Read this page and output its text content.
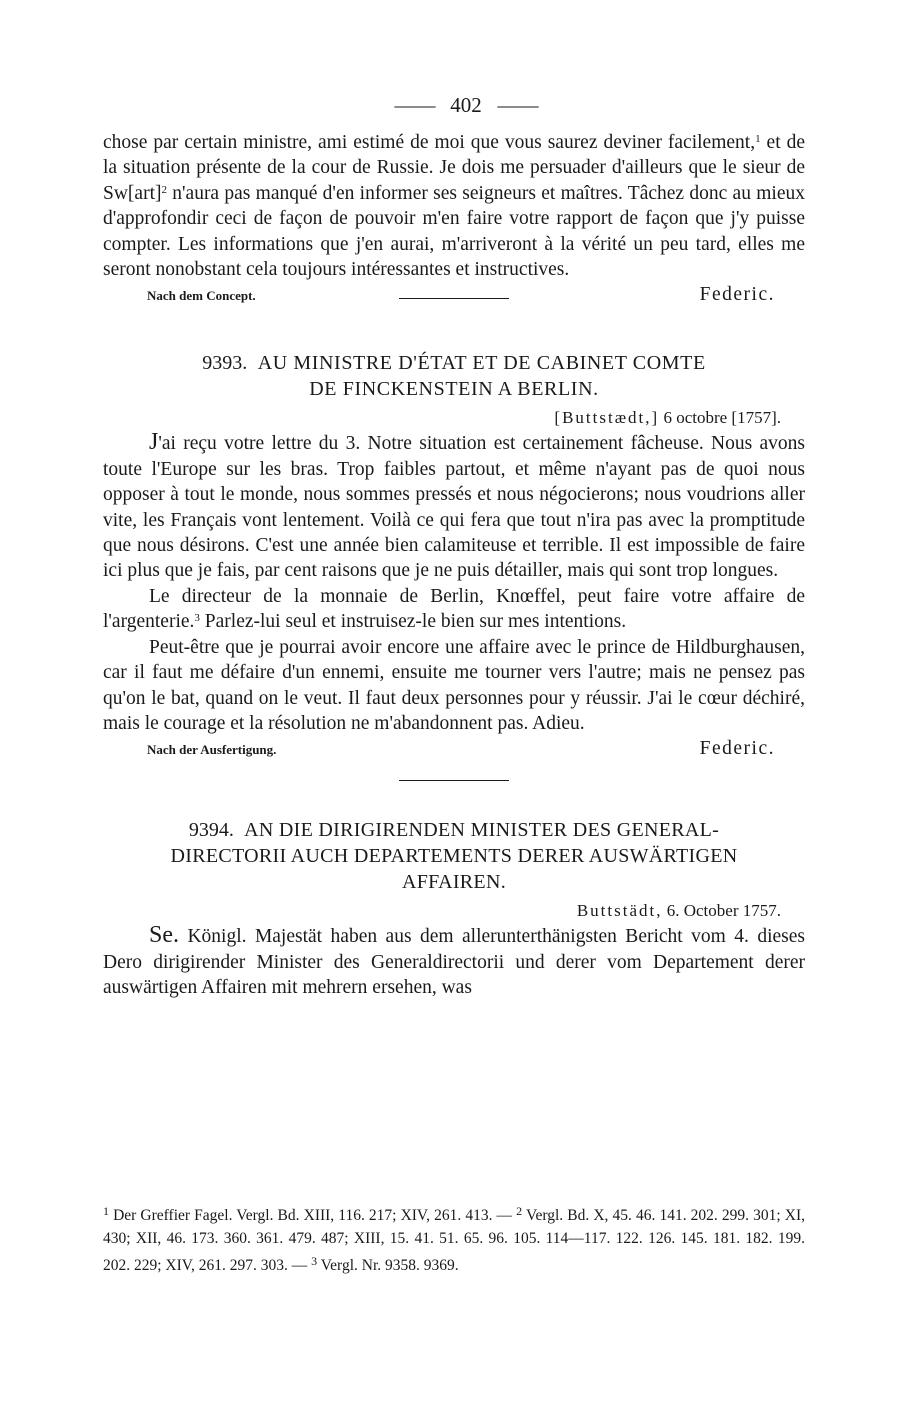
—— 402 ——

chose par certain ministre, ami estimé de moi que vous saurez deviner facilement,$^1$ et de la situation présente de la cour de Russie. Je dois me persuader d'ailleurs que le sieur de Sw[art]$^2$ n'aura pas manqué d'en informer ses seigneurs et maîtres. Tâchez donc au mieux d'approfondir ceci de façon de pouvoir m'en faire votre rapport de façon que j'y puisse compter. Les informations que j'en aurai, m'arriveront à la vérité un peu tard, elles me seront nonobstant cela toujours intéressantes et instructives.

Nach dem Concept.	Federic.
9393. AU MINISTRE D'ÉTAT ET DE CABINET COMTE
DE FINCKENSTEIN A BERLIN.
[Buttstædt,] 6 octobre [1757].

J'ai reçu votre lettre du 3. Notre situation est certainement fâcheuse. Nous avons toute l'Europe sur les bras. Trop faibles partout, et même n'ayant pas de quoi nous opposer à tout le monde, nous sommes pressés et nous négocierons; nous voudrions aller vite, les Français vont lentement. Voilà ce qui fera que tout n'ira pas avec la promptitude que nous désirons. C'est une année bien calamiteuse et terrible. Il est impossible de faire ici plus que je fais, par cent raisons que je ne puis détailler, mais qui sont trop longues.

Le directeur de la monnaie de Berlin, Knœffel, peut faire votre affaire de l'argenterie.$^3$ Parlez-lui seul et instruisez-le bien sur mes intentions.

Peut-être que je pourrai avoir encore une affaire avec le prince de Hildburghausen, car il faut me défaire d'un ennemi, ensuite me tourner vers l'autre; mais ne pensez pas qu'on le bat, quand on le veut. Il faut deux personnes pour y réussir. J'ai le cœur déchiré, mais le courage et la résolution ne m'abandonnent pas. Adieu.

Nach der Ausfertigung.	Federic.
9394. AN DIE DIRIGIRENDEN MINISTER DES GENERAL-
DIRECTORII AUCH DEPARTEMENTS DERER AUSWÄRTIGEN
AFFAIREN.
Buttstädt, 6. October 1757.

Se. Königl. Majestät haben aus dem allerunterthänigsten Bericht vom 4. dieses Dero dirigirender Minister des Generaldirectorii und derer vom Departement derer auswärtigen Affairen mit mehrern ersehen, was

$^1$ Der Greffier Fagel. Vergl. Bd. XIII, 116. 217; XIV, 261. 413. — $^2$ Vergl. Bd. X, 45. 46. 141. 202. 299. 301; XI, 430; XII, 46. 173. 360. 361. 479. 487; XIII, 15. 41. 51. 65. 96. 105. 114—117. 122. 126. 145. 181. 182. 199. 202. 229; XIV, 261. 297. 303. — $^3$ Vergl. Nr. 9358. 9369.
